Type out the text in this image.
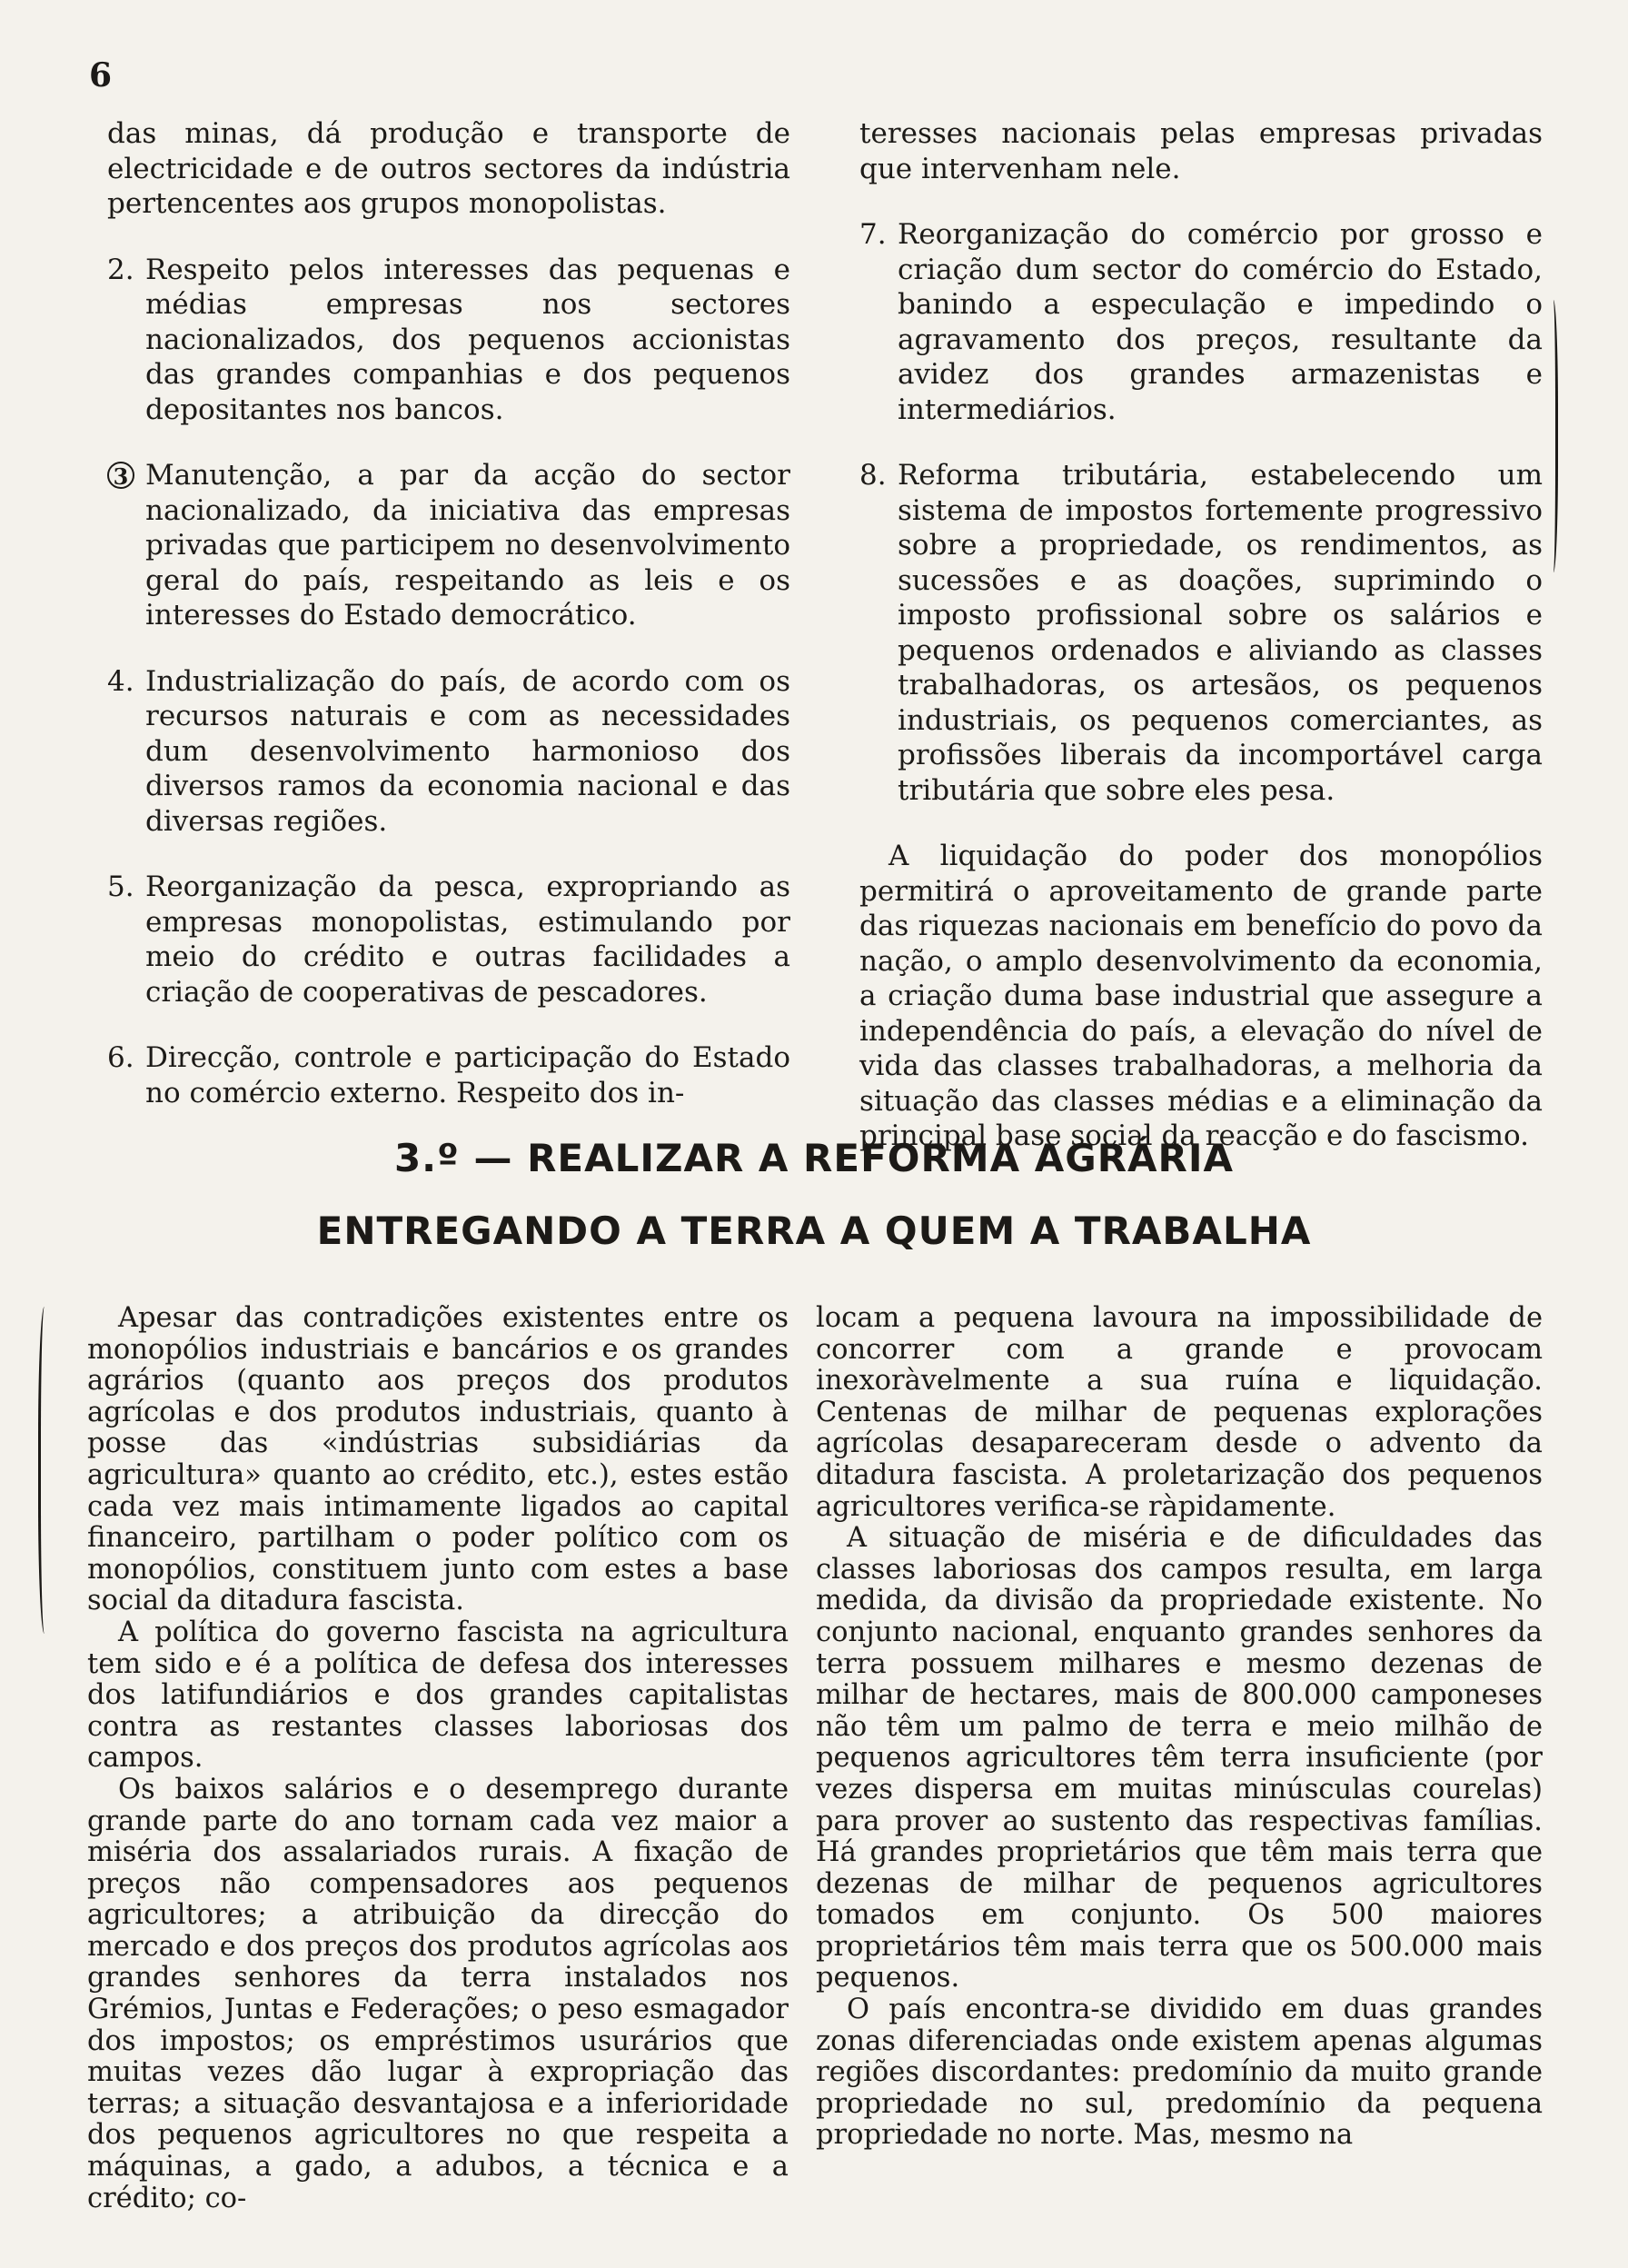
6

das minas, dá produção e transporte de electricidade e de outros sectores da indústria pertencentes aos grupos monopolistas.

2. Respeito pelos interesses das pequenas e médias empresas nos sectores nacionalizados, dos pequenos accionistas das grandes companhias e dos pequenos depositantes nos bancos.
3 Manutenção, a par da acção do sector nacionalizado, da iniciativa das empresas privadas que participem no desenvolvimento geral do país, respeitando as leis e os interesses do Estado democrático.
4. Industrialização do país, de acordo com os recursos naturais e com as necessidades dum desenvolvimento harmonioso dos diversos ramos da economia nacional e das diversas regiões.
5. Reorganização da pesca, expropriando as empresas monopolistas, estimulando por meio do crédito e outras facilidades a criação de cooperativas de pescadores.
6. Direcção, controle e participação do Estado no comércio externo. Respeito dos in-

teresses nacionais pelas empresas privadas que intervenham nele.

7. Reorganização do comércio por grosso e criação dum sector do comércio do Estado, banindo a especulação e impedindo o agravamento dos preços, resultante da avidez dos grandes armazenistas e intermediários.
8. Reforma tributária, estabelecendo um sistema de impostos fortemente progressivo sobre a propriedade, os rendimentos, as sucessões e as doações, suprimindo o imposto profissional sobre os salários e pequenos ordenados e aliviando as classes trabalhadoras, os artesãos, os pequenos industriais, os pequenos comerciantes, as profissões liberais da incomportável carga tributária que sobre eles pesa.

A liquidação do poder dos monopólios permitirá o aproveitamento de grande parte das riquezas nacionais em benefício do povo da nação, o amplo desenvolvimento da economia, a criação duma base industrial que assegure a independência do país, a elevação do nível de vida das classes trabalhadoras, a melhoria da situação das classes médias e a eliminação da principal base social da reacção e do fascismo.

3.º — REALIZAR A REFORMA AGRÁRIA
ENTREGANDO A TERRA A QUEM A TRABALHA

Apesar das contradições existentes entre os monopólios industriais e bancários e os grandes agrários (quanto aos preços dos produtos agrícolas e dos produtos industriais, quanto à posse das «indústrias subsidiárias da agricultura» quanto ao crédito, etc.), estes estão cada vez mais intimamente ligados ao capital financeiro, partilham o poder político com os monopólios, constituem junto com estes a base social da ditadura fascista.

A política do governo fascista na agricultura tem sido e é a política de defesa dos interesses dos latifundiários e dos grandes capitalistas contra as restantes classes laboriosas dos campos.

Os baixos salários e o desemprego durante grande parte do ano tornam cada vez maior a miséria dos assalariados rurais. A fixação de preços não compensadores aos pequenos agricultores; a atribuição da direcção do mercado e dos preços dos produtos agrícolas aos grandes senhores da terra instalados nos Grémios, Juntas e Federações; o peso esmagador dos impostos; os empréstimos usurários que muitas vezes dão lugar à expropriação das terras; a situação desvantajosa e a inferioridade dos pequenos agricultores no que respeita a máquinas, a gado, a adubos, a técnica e a crédito; co-

locam a pequena lavoura na impossibilidade de concorrer com a grande e provocam inexoràvelmente a sua ruína e liquidação. Centenas de milhar de pequenas explorações agrícolas desapareceram desde o advento da ditadura fascista. A proletarização dos pequenos agricultores verifica-se ràpidamente.

A situação de miséria e de dificuldades das classes laboriosas dos campos resulta, em larga medida, da divisão da propriedade existente. No conjunto nacional, enquanto grandes senhores da terra possuem milhares e mesmo dezenas de milhar de hectares, mais de 800.000 camponeses não têm um palmo de terra e meio milhão de pequenos agricultores têm terra insuficiente (por vezes dispersa em muitas minúsculas courelas) para prover ao sustento das respectivas famílias. Há grandes proprietários que têm mais terra que dezenas de milhar de pequenos agricultores tomados em conjunto. Os 500 maiores proprietários têm mais terra que os 500.000 mais pequenos.

O país encontra-se dividido em duas grandes zonas diferenciadas onde existem apenas algumas regiões discordantes: predomínio da muito grande propriedade no sul, predomínio da pequena propriedade no norte. Mas, mesmo na
